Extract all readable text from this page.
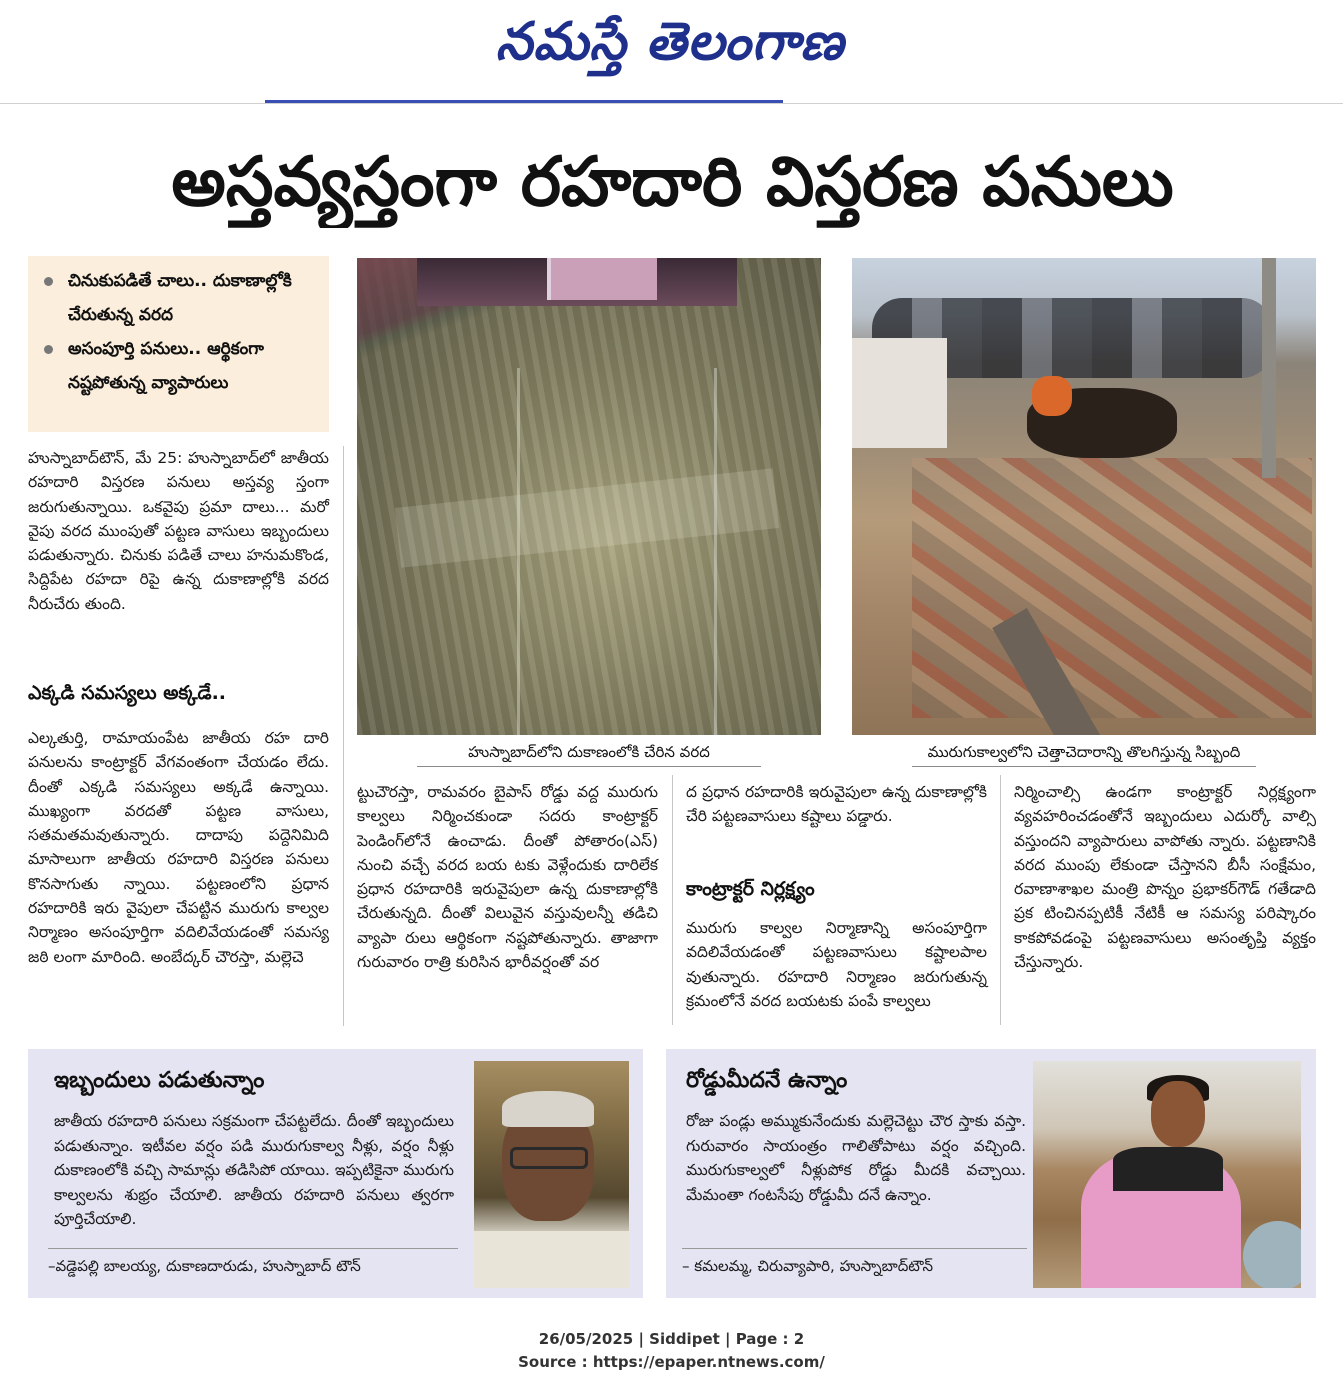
నమస్తే తెలంగాణ
అస్తవ్యస్తంగా రహదారి విస్తరణ పనులు
చినుకుపడితే చాలు.. దుకాణాల్లోకి చేరుతున్న వరద
అసంపూర్తి పనులు.. ఆర్థికంగా నష్టపోతున్న వ్యాపారులు

హుస్నాబాద్‌టౌన్, మే 25: హుస్నాబాద్‌లో జాతీయ రహదారి విస్తరణ పనులు అస్తవ్య స్తంగా జరుగుతున్నాయి. ఒకవైపు ప్రమా దాలు... మరో వైపు వరద ముంపుతో పట్టణ వాసులు ఇబ్బందులు పడుతున్నారు. చినుకు పడితే చాలు హనుమకొండ, సిద్దిపేట రహదా రిపై ఉన్న దుకాణాల్లోకి వరద నీరుచేరు తుంది.

ఎక్కడి సమస్యలు అక్కడే..

ఎల్కతుర్తి, రామాయంపేట జాతీయ రహ దారి పనులను కాంట్రాక్టర్ వేగవంతంగా చేయడం లేదు. దీంతో ఎక్కడి సమస్యలు అక్కడే ఉన్నాయి. ముఖ్యంగా వరదతో పట్టణ వాసులు, సతమతమవుతున్నారు. దాదాపు పద్దెనిమిది మాసాలుగా జాతీయ రహదారి విస్తరణ పనులు కొనసాగుతు న్నాయి. పట్టణంలోని ప్రధాన రహదారికి ఇరు వైపులా చేపట్టిన మురుగు కాల్వల నిర్మాణం అసంపూర్తిగా వదిలివేయడంతో సమస్య జఠి లంగా మారింది. అంబేద్కర్ చౌరస్తా, మల్లెచె

హుస్నాబాద్‌లోని దుకాణంలోకి చేరిన వరద	మురుగుకాల్వలోని చెత్తాచెదారాన్ని తొలగిస్తున్న సిబ్బంది

ట్టుచౌరస్తా, రామవరం బైపాస్ రోడ్డు వద్ద మురుగు కాల్వలు నిర్మించకుండా సదరు కాంట్రాక్టర్ పెండింగ్‌లోనే ఉంచాడు. దీంతో పోతారం(ఎస్) నుంచి వచ్చే వరద బయ టకు వెళ్లేందుకు దారిలేక ప్రధాన రహదారికి ఇరువైపులా ఉన్న దుకాణాల్లోకి చేరుతున్నది. దీంతో విలువైన వస్తువులన్నీ తడిచి వ్యాపా రులు ఆర్థికంగా నష్టపోతున్నారు. తాజాగా గురువారం రాత్రి కురిసిన భారీవర్షంతో వర

ద ప్రధాన రహదారికి ఇరువైపులా ఉన్న దుకాణాల్లోకి చేరి పట్టణవాసులు కష్టాలు పడ్డారు.

కాంట్రాక్టర్ నిర్లక్ష్యం

మురుగు కాల్వల నిర్మాణాన్ని అసంపూర్తిగా వదిలివేయడంతో పట్టణవాసులు కష్టాలపాల వుతున్నారు. రహదారి నిర్మాణం జరుగుతున్న క్రమంలోనే వరద బయటకు పంపే కాల్వలు

నిర్మించాల్సి ఉండగా కాంట్రాక్టర్ నిర్లక్ష్యంగా వ్యవహరించడంతోనే ఇబ్బందులు ఎదుర్కో వాల్సి వస్తుందని వ్యాపారులు వాపోతు న్నారు. పట్టణానికి వరద ముంపు లేకుండా చేస్తానని బీసీ సంక్షేమం, రవాణాశాఖల మంత్రి పొన్నం ప్రభాకర్‌గౌడ్ గతేడాది ప్రక టించినప్పటికీ నేటికీ ఆ సమస్య పరిష్కారం కాకపోవడంపై పట్టణవాసులు అసంతృప్తి వ్యక్తం చేస్తున్నారు.

ఇబ్బందులు పడుతున్నాం

జాతీయ రహదారి పనులు సక్రమంగా చేపట్టలేదు. దీంతో ఇబ్బందులు పడుతున్నాం. ఇటీవల వర్షం పడి మురుగుకాల్వ నీళ్లు, వర్షం నీళ్లు దుకాణంలోకి వచ్చి సామాన్లు తడిసిపో యాయి. ఇప్పటికైనా మురుగు కాల్వలను శుభ్రం చేయాలి. జాతీయ రహదారి పనులు త్వరగా పూర్తిచేయాలి.

–వడ్డెపల్లి బాలయ్య, దుకాణదారుడు, హుస్నాబాద్ టౌన్
రోడ్డుమీదనే ఉన్నాం

రోజు పండ్లు అమ్ముకునేందుకు మల్లెచెట్టు చౌర స్తాకు వస్తా. గురువారం సాయంత్రం గాలితోపాటు వర్షం వచ్చింది. మురుగుకాల్వలో నీళ్లుపోక రోడ్డు మీదకి వచ్చాయి. మేమంతా గంటసేపు రోడ్డుమీ దనే ఉన్నాం.

– కమలమ్మ, చిరువ్యాపారి, హుస్నాబాద్‌టౌన్
26/05/2025 | Siddipet | Page : 2
Source : https://epaper.ntnews.com/
